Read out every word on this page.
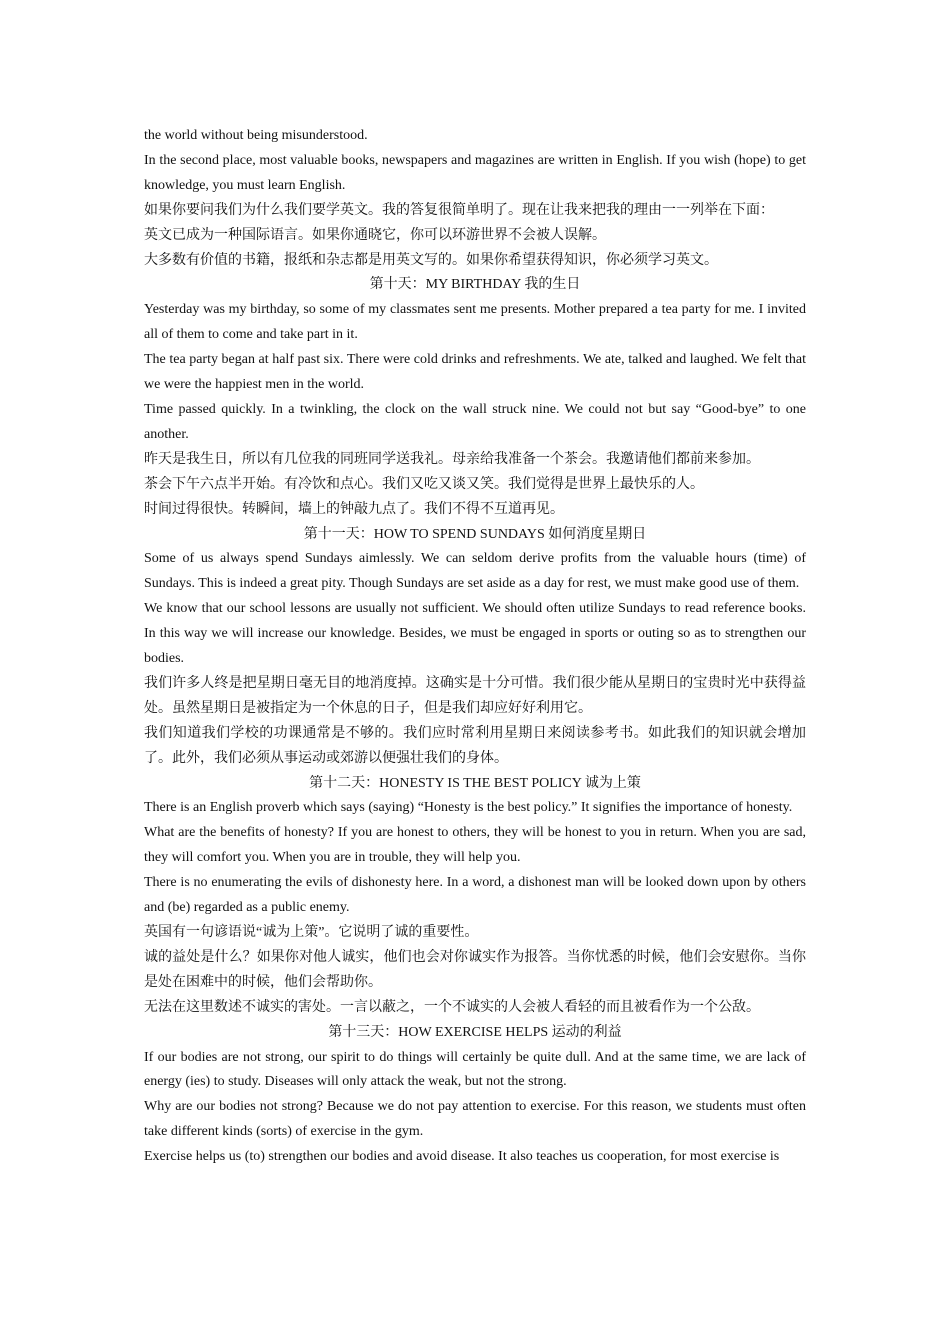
the world without being misunderstood.

In the second place, most valuable books, newspapers and magazines are written in English. If you wish (hope) to get knowledge, you must learn English.

如果你要问我们为什么我们要学英文。我的答复很简单明了。现在让我来把我的理由一一列举在下面：

英文已成为一种国际语言。如果你通晓它，你可以环游世界不会被人误解。

大多数有价值的书籍，报纸和杂志都是用英文写的。如果你希望获得知识，你必须学习英文。

第十天：MY BIRTHDAY 我的生日

Yesterday was my birthday, so some of my classmates sent me presents. Mother prepared a tea party for me. I invited all of them to come and take part in it.

The tea party began at half past six. There were cold drinks and refreshments. We ate, talked and laughed. We felt that we were the happiest men in the world.

Time passed quickly. In a twinkling, the clock on the wall struck nine. We could not but say “Good-bye” to one another.

昨天是我生日，所以有几位我的同班同学送我礼。母亲给我准备一个茶会。我邀请他们都前来参加。

茶会下午六点半开始。有冷饮和点心。我们又吃又谈又笑。我们觉得是世界上最快乐的人。

时间过得很快。转瞬间，墙上的钟敲九点了。我们不得不互道再见。

第十一天：HOW TO SPEND SUNDAYS 如何消度星期日

Some of us always spend Sundays aimlessly. We can seldom derive profits from the valuable hours (time) of Sundays. This is indeed a great pity. Though Sundays are set aside as a day for rest, we must make good use of them.

We know that our school lessons are usually not sufficient. We should often utilize Sundays to read reference books. In this way we will increase our knowledge. Besides, we must be engaged in sports or outing so as to strengthen our bodies.

我们许多人终是把星期日毫无目的地消度掉。这确实是十分可惜。我们很少能从星期日的宝贵时光中获得益处。虽然星期日是被指定为一个休息的日子，但是我们却应好好利用它。

我们知道我们学校的功课通常是不够的。我们应时常利用星期日来阅读参考书。如此我们的知识就会增加了。此外，我们必须从事运动或郊游以便强壮我们的身体。

第十二天：HONESTY IS THE BEST POLICY 诚为上策

There is an English proverb which says (saying) “Honesty is the best policy.” It signifies the importance of honesty.

What are the benefits of honesty? If you are honest to others, they will be honest to you in return. When you are sad, they will comfort you. When you are in trouble, they will help you.

There is no enumerating the evils of dishonesty here. In a word, a dishonest man will be looked down upon by others and (be) regarded as a public enemy.

英国有一句谚语说“诚为上策”。它说明了诚的重要性。

诚的益处是什么？如果你对他人诚实，他们也会对你诚实作为报答。当你忧悉的时候，他们会安慰你。当你是处在困难中的时候，他们会帮助你。

无法在这里数述不诚实的害处。一言以蔽之，一个不诚实的人会被人看轻的而且被看作为一个公敌。

第十三天：HOW EXERCISE HELPS 运动的利益

If our bodies are not strong, our spirit to do things will certainly be quite dull. And at the same time, we are lack of energy (ies) to study. Diseases will only attack the weak, but not the strong.

Why are our bodies not strong? Because we do not pay attention to exercise. For this reason, we students must often take different kinds (sorts) of exercise in the gym.

Exercise helps us (to) strengthen our bodies and avoid disease. It also teaches us cooperation, for most exercise is
